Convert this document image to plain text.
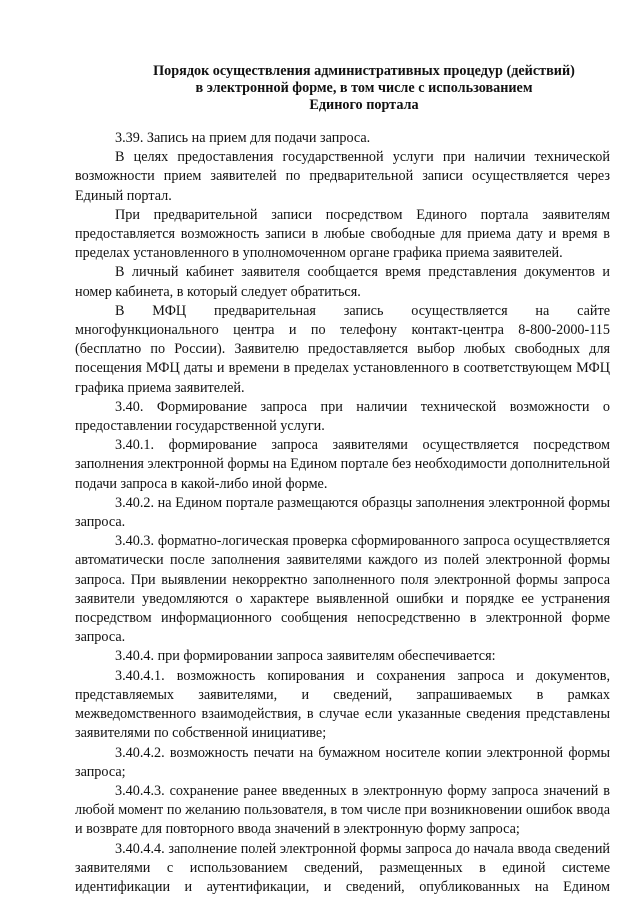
Порядок осуществления административных процедур (действий)
в электронной форме, в том числе с использованием
Единого портала

3.39. Запись на прием для подачи запроса.

В целях предоставления государственной услуги при наличии технической возможности прием заявителей по предварительной записи осуществляется через Единый портал.

При предварительной записи посредством Единого портала заявителям предоставляется возможность записи в любые свободные для приема дату и время в пределах установленного в уполномоченном органе графика приема заявителей.

В личный кабинет заявителя сообщается время представления документов и номер кабинета, в который следует обратиться.

В МФЦ предварительная запись осуществляется на сайте многофункционального центра и по телефону контакт-центра 8-800-2000-115 (бесплатно по России). Заявителю предоставляется выбор любых свободных для посещения МФЦ даты и времени в пределах установленного в соответствующем МФЦ графика приема заявителей.

3.40. Формирование запроса при наличии технической возможности о предоставлении государственной услуги.

3.40.1. формирование запроса заявителями осуществляется посредством заполнения электронной формы на Едином портале без необходимости дополнительной подачи запроса в какой-либо иной форме.

3.40.2. на Едином портале размещаются образцы заполнения электронной формы запроса.

3.40.3. форматно-логическая проверка сформированного запроса осуществляется автоматически после заполнения заявителями каждого из полей электронной формы запроса. При выявлении некорректно заполненного поля электронной формы запроса заявители уведомляются о характере выявленной ошибки и порядке ее устранения посредством информационного сообщения непосредственно в электронной форме запроса.

3.40.4. при формировании запроса заявителям обеспечивается:

3.40.4.1. возможность копирования и сохранения запроса и документов, представляемых заявителями, и сведений, запрашиваемых в рамках межведомственного взаимодействия, в случае если указанные сведения представлены заявителями по собственной инициативе;

3.40.4.2. возможность печати на бумажном носителе копии электронной формы запроса;

3.40.4.3. сохранение ранее введенных в электронную форму запроса значений в любой момент по желанию пользователя, в том числе при возникновении ошибок ввода и возврате для повторного ввода значений в электронную форму запроса;

3.40.4.4. заполнение полей электронной формы запроса до начала ввода сведений заявителями с использованием сведений, размещенных в единой системе идентификации и аутентификации, и сведений, опубликованных на Едином
